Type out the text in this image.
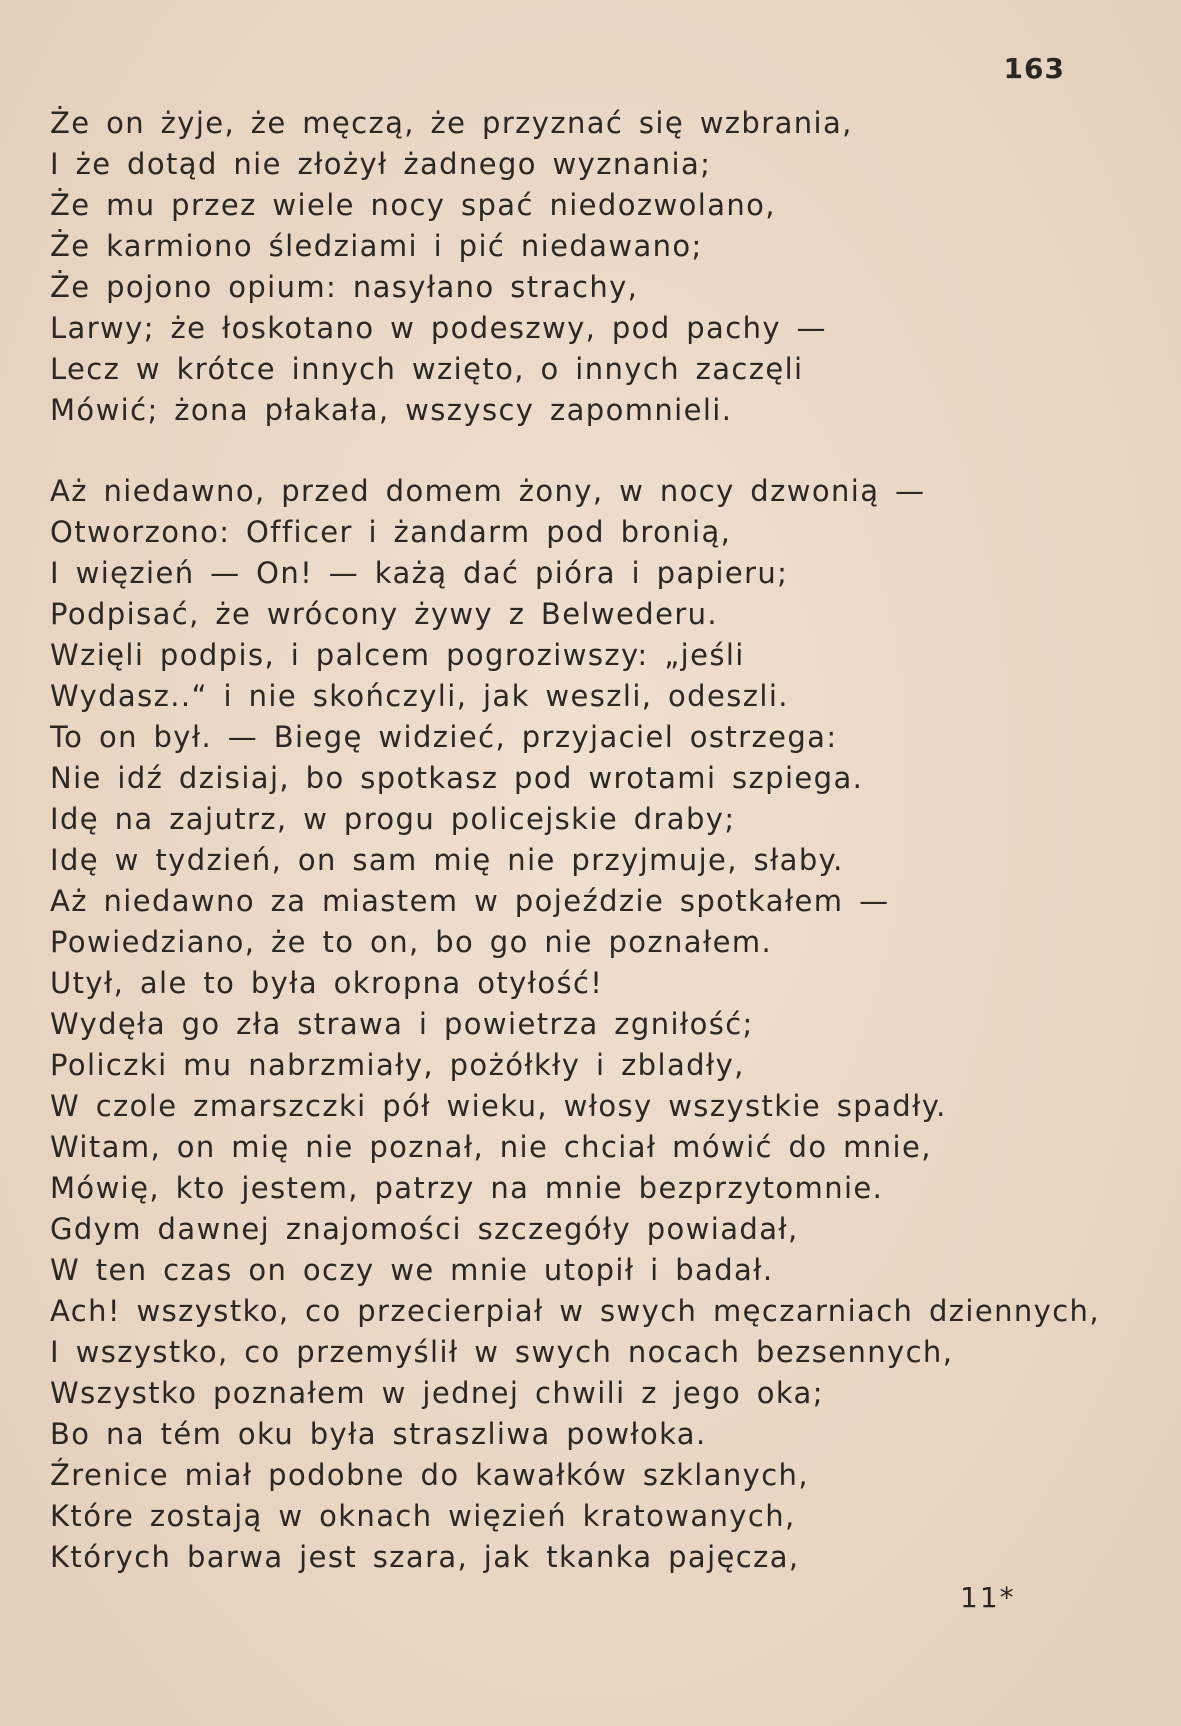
163
Że on żyje, że męczą, że przyznać się wzbrania,
I że dotąd nie złożył żadnego wyznania;
Że mu przez wiele nocy spać niedozwolano,
Że karmiono śledziami i pić niedawano;
Że pojono opium: nasyłano strachy,
Larwy; że łoskotano w podeszwy, pod pachy —
Lecz w krótce innych wzięto, o innych zaczęli
Mówić; żona płakała, wszyscy zapomnieli.
Aż niedawno, przed domem żony, w nocy dzwonią —
Otworzono: Officer i żandarm pod bronią,
I więzień — On! — każą dać pióra i papieru;
Podpisać, że wrócony żywy z Belwederu.
Wzięli podpis, i palcem pogroziwszy: „jeśli
Wydasz..“ i nie skończyli, jak weszli, odeszli.
To on był. — Biegę widzieć, przyjaciel ostrzega:
Nie idź dzisiaj, bo spotkasz pod wrotami szpiega.
Idę na zajutrz, w progu policejskie draby;
Idę w tydzień, on sam mię nie przyjmuje, słaby.
Aż niedawno za miastem w pojeździe spotkałem —
Powiedziano, że to on, bo go nie poznałem.
Utył, ale to była okropna otyłość!
Wydęła go zła strawa i powietrza zgniłość;
Policzki mu nabrzmiały, pożółkły i zbladły,
W czole zmarszczki pół wieku, włosy wszystkie spadły.
Witam, on mię nie poznał, nie chciał mówić do mnie,
Mówię, kto jestem, patrzy na mnie bezprzytomnie.
Gdym dawnej znajomości szczegóły powiadał,
W ten czas on oczy we mnie utopił i badał.
Ach! wszystko, co przecierpiał w swych męczarniach dziennych,
I wszystko, co przemyślił w swych nocach bezsennych,
Wszystko poznałem w jednej chwili z jego oka;
Bo na tém oku była straszliwa powłoka.
Źrenice miał podobne do kawałków szklanych,
Które zostają w oknach więzień kratowanych,
Których barwa jest szara, jak tkanka pajęcza,
11*
